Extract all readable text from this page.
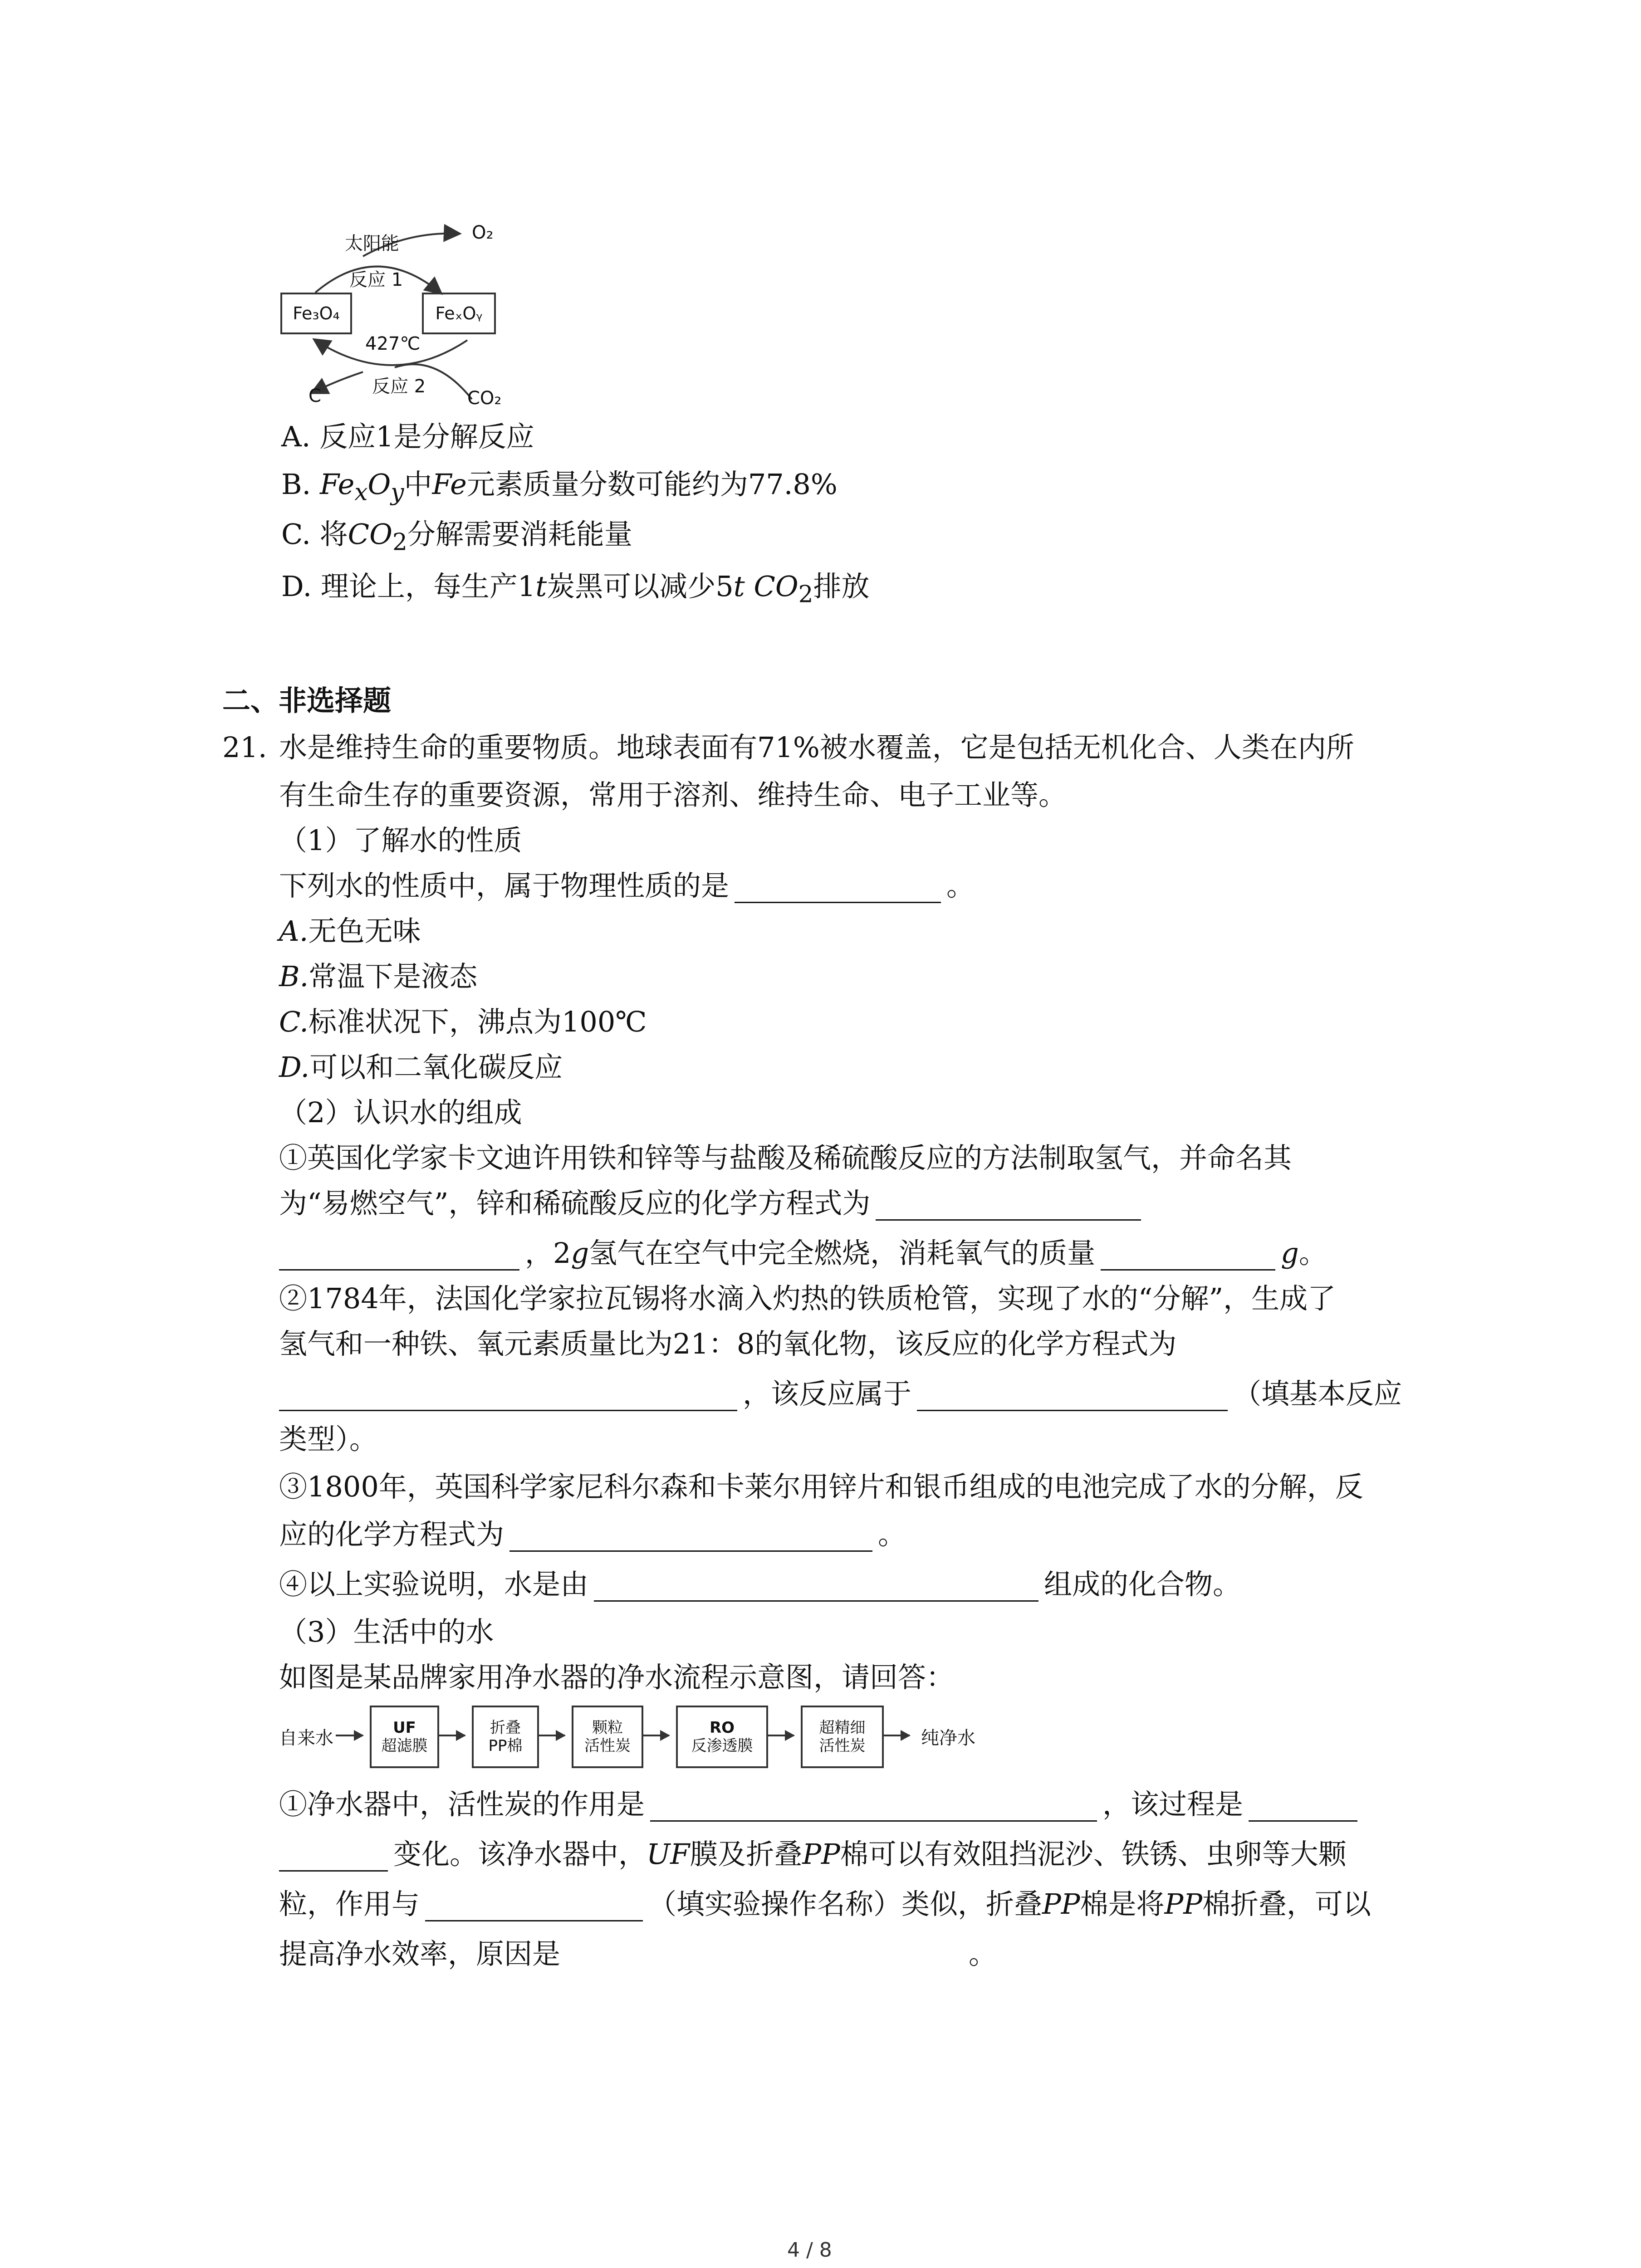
太阳能
O₂
反应 1
Fe₃O₄	FeₓOᵧ
427℃
C	反应 2
CO₂
A. 反应1是分解反应
B. $Fe_xO_y$中Fe元素质量分数可能约为77.8%
C. 将$CO_2$分解需要消耗能量
D. 理论上，每生产1t炭黑可以减少5t $CO_2$排放
二、非选择题
21. 水是维持生命的重要物质。地球表面有71%被水覆盖，它是包括无机化合、人类在内所
有生命生存的重要资源，常用于溶剂、维持生命、电子工业等。
（1）了解水的性质
下列水的性质中，属于物理性质的是	。
A.无色无味
B.常温下是液态
C.标准状况下，沸点为100℃
D.可以和二氧化碳反应
（2）认识水的组成
①英国化学家卡文迪许用铁和锌等与盐酸及稀硫酸反应的方法制取氢气，并命名其
为“易燃空气”，锌和稀硫酸反应的化学方程式为
，2g氢气在空气中完全燃烧，消耗氧气的质量	g。
②1784年，法国化学家拉瓦锡将水滴入灼热的铁质枪管，实现了水的“分解”，生成了
氢气和一种铁、氧元素质量比为21：8的氧化物，该反应的化学方程式为
，该反应属于	（填基本反应
类型）。
③1800年，英国科学家尼科尔森和卡莱尔用锌片和银币组成的电池完成了水的分解，反
应的化学方程式为	。
④以上实验说明，水是由	组成的化合物。
（3）生活中的水
如图是某品牌家用净水器的净水流程示意图，请回答：
自来水	UF
超滤膜
折叠
PP棉
颗粒
活性炭
RO
反渗透膜
超精细
活性炭	纯净水
①净水器中，活性炭的作用是	，该过程是
变化。该净水器中，UF膜及折叠PP棉可以有效阻挡泥沙、铁锈、虫卵等大颗
粒，作用与	（填实验操作名称）类似，折叠PP棉是将PP棉折叠，可以
提高净水效率，原因是	。
4 / 8
